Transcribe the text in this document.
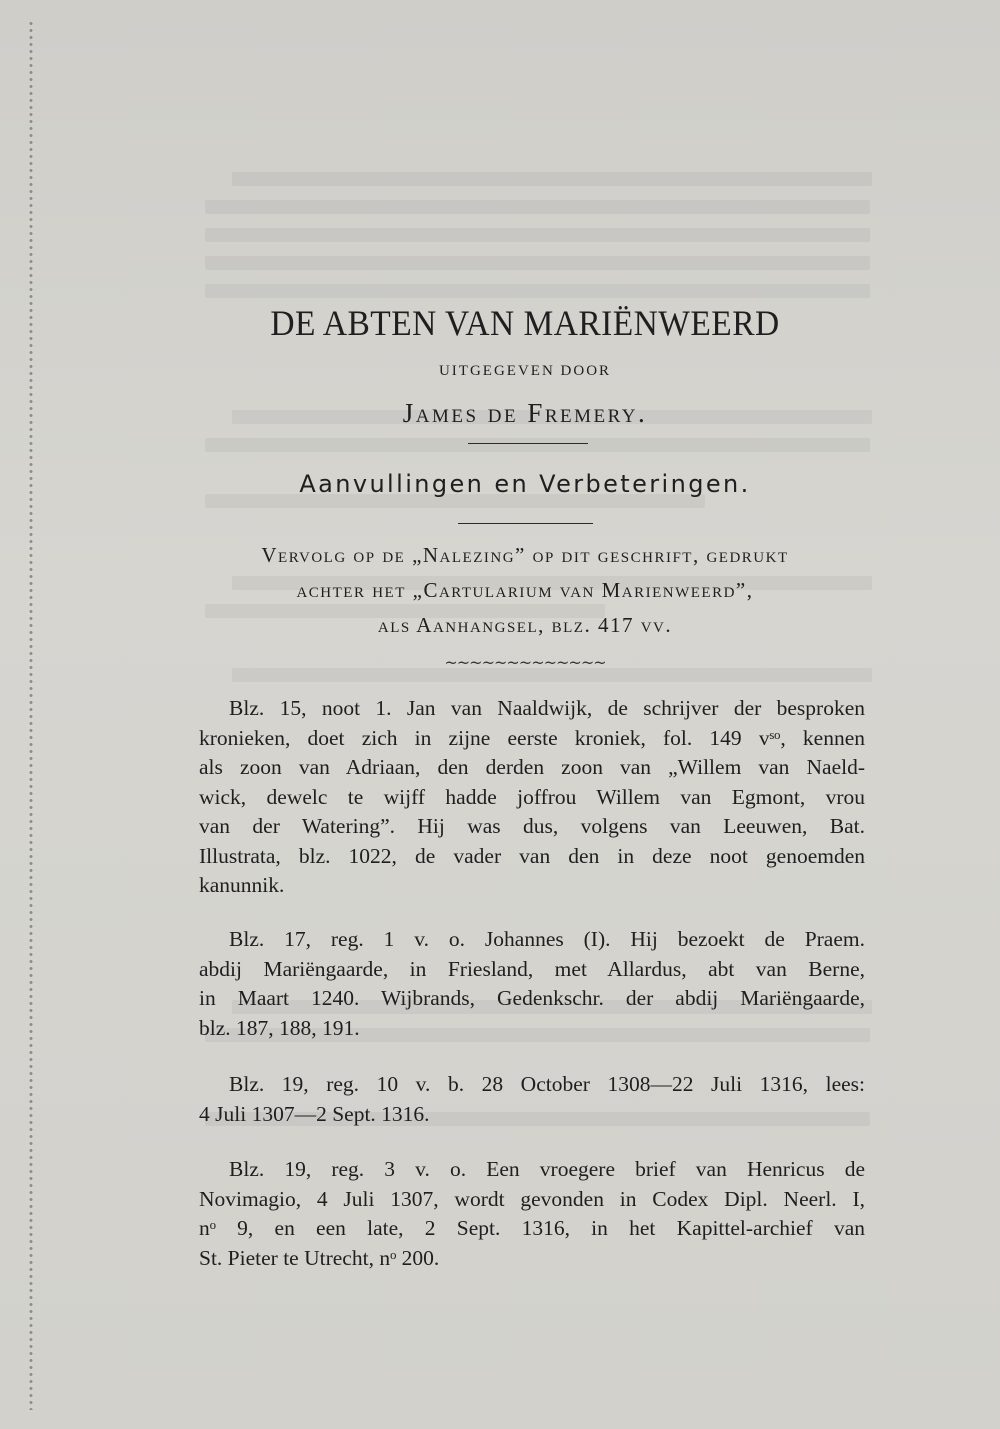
DE ABTEN VAN MARIËNWEERD
UITGEGEVEN DOOR
James de Fremery.
Aanvullingen en Verbeteringen.
Vervolg op de „Nalezing” op dit geschrift, gedrukt
achter het „Cartularium van Marienweerd”,
als Aanhangsel, blz. 417 vv.
~~~~~~~~~~~~~
Blz. 15, noot 1. Jan van Naaldwijk, de schrijver der besproken
kronieken, doet zich in zijne eerste kroniek, fol. 149 vˢᵒ, kennen
als zoon van Adriaan, den derden zoon van „Willem van Naeld-
wick, dewelc te wijff hadde joffrou Willem van Egmont, vrou
van der Watering”. Hij was dus, volgens van Leeuwen, Bat.
Illustrata, blz. 1022, de vader van den in deze noot genoemden
kanunnik.
Blz. 17, reg. 1 v. o. Johannes (I). Hij bezoekt de Praem.
abdij Mariëngaarde, in Friesland, met Allardus, abt van Berne,
in Maart 1240. Wijbrands, Gedenkschr. der abdij Mariëngaarde,
blz. 187, 188, 191.
Blz. 19, reg. 10 v. b. 28 October 1308—22 Juli 1316, lees:
4 Juli 1307—2 Sept. 1316.
Blz. 19, reg. 3 v. o. Een vroegere brief van Henricus de
Novimagio, 4 Juli 1307, wordt gevonden in Codex Dipl. Neerl. I,
nᵒ 9, en een late, 2 Sept. 1316, in het Kapittel-archief van
St. Pieter te Utrecht, nᵒ 200.
